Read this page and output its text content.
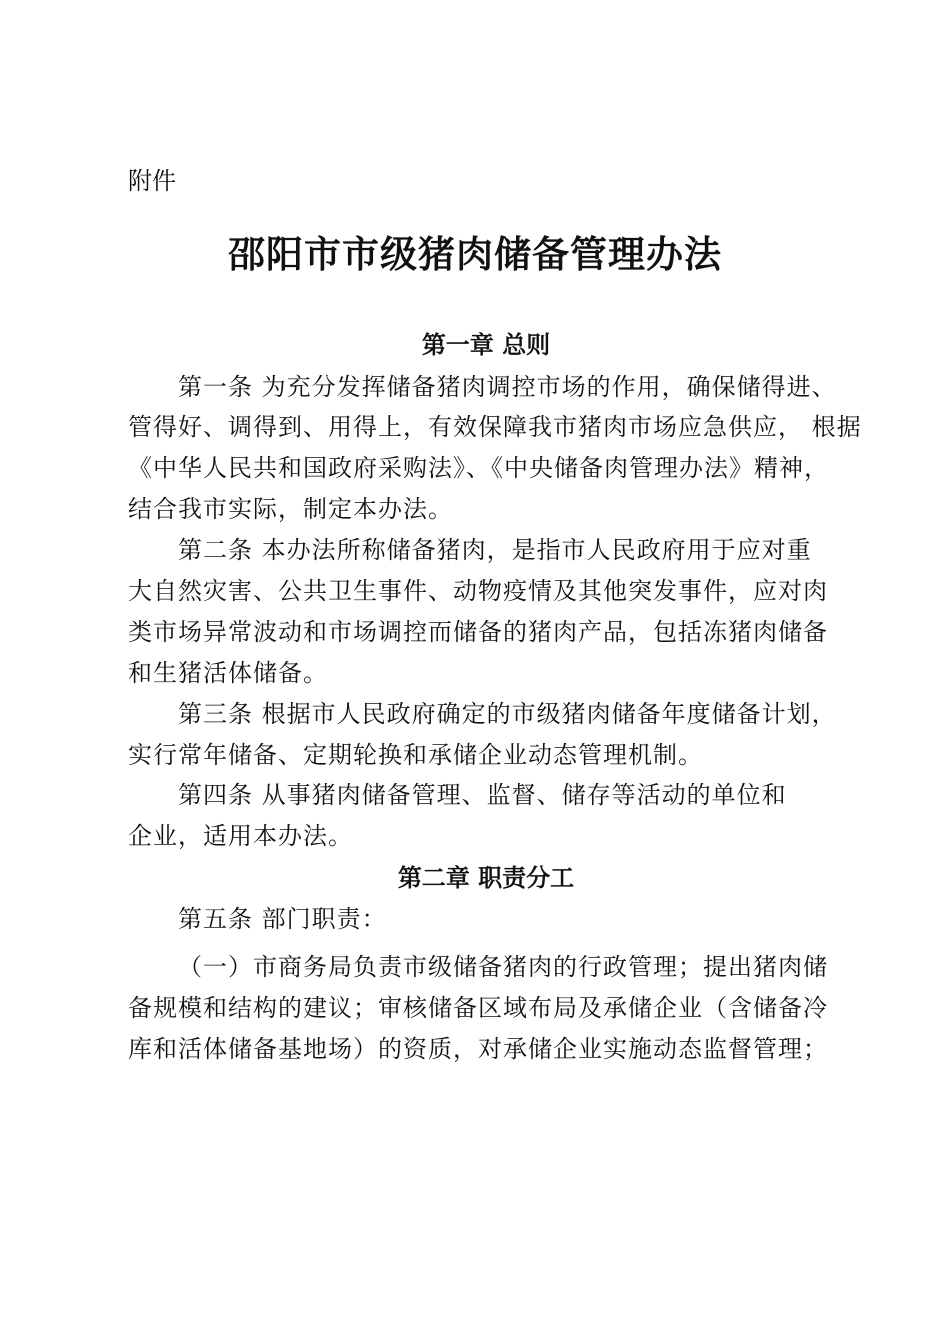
附件
邵阳市市级猪肉储备管理办法
第一章 总则
第一条 为充分发挥储备猪肉调控市场的作用，确保储得进、
管得好、调得到、用得上，有效保障我市猪肉市场应急供应， 根据
《中华人民共和国政府采购法》、《中央储备肉管理办法》精神，
结合我市实际，制定本办法。
第二条 本办法所称储备猪肉，是指市人民政府用于应对重
大自然灾害、公共卫生事件、动物疫情及其他突发事件，应对肉
类市场异常波动和市场调控而储备的猪肉产品，包括冻猪肉储备
和生猪活体储备。
第三条 根据市人民政府确定的市级猪肉储备年度储备计划，
实行常年储备、定期轮换和承储企业动态管理机制。
第四条 从事猪肉储备管理、监督、储存等活动的单位和
企业，适用本办法。
第二章 职责分工
第五条 部门职责：
（一）市商务局负责市级储备猪肉的行政管理；提出猪肉储
备规模和结构的建议；审核储备区域布局及承储企业（含储备冷
库和活体储备基地场）的资质，对承储企业实施动态监督管理；
